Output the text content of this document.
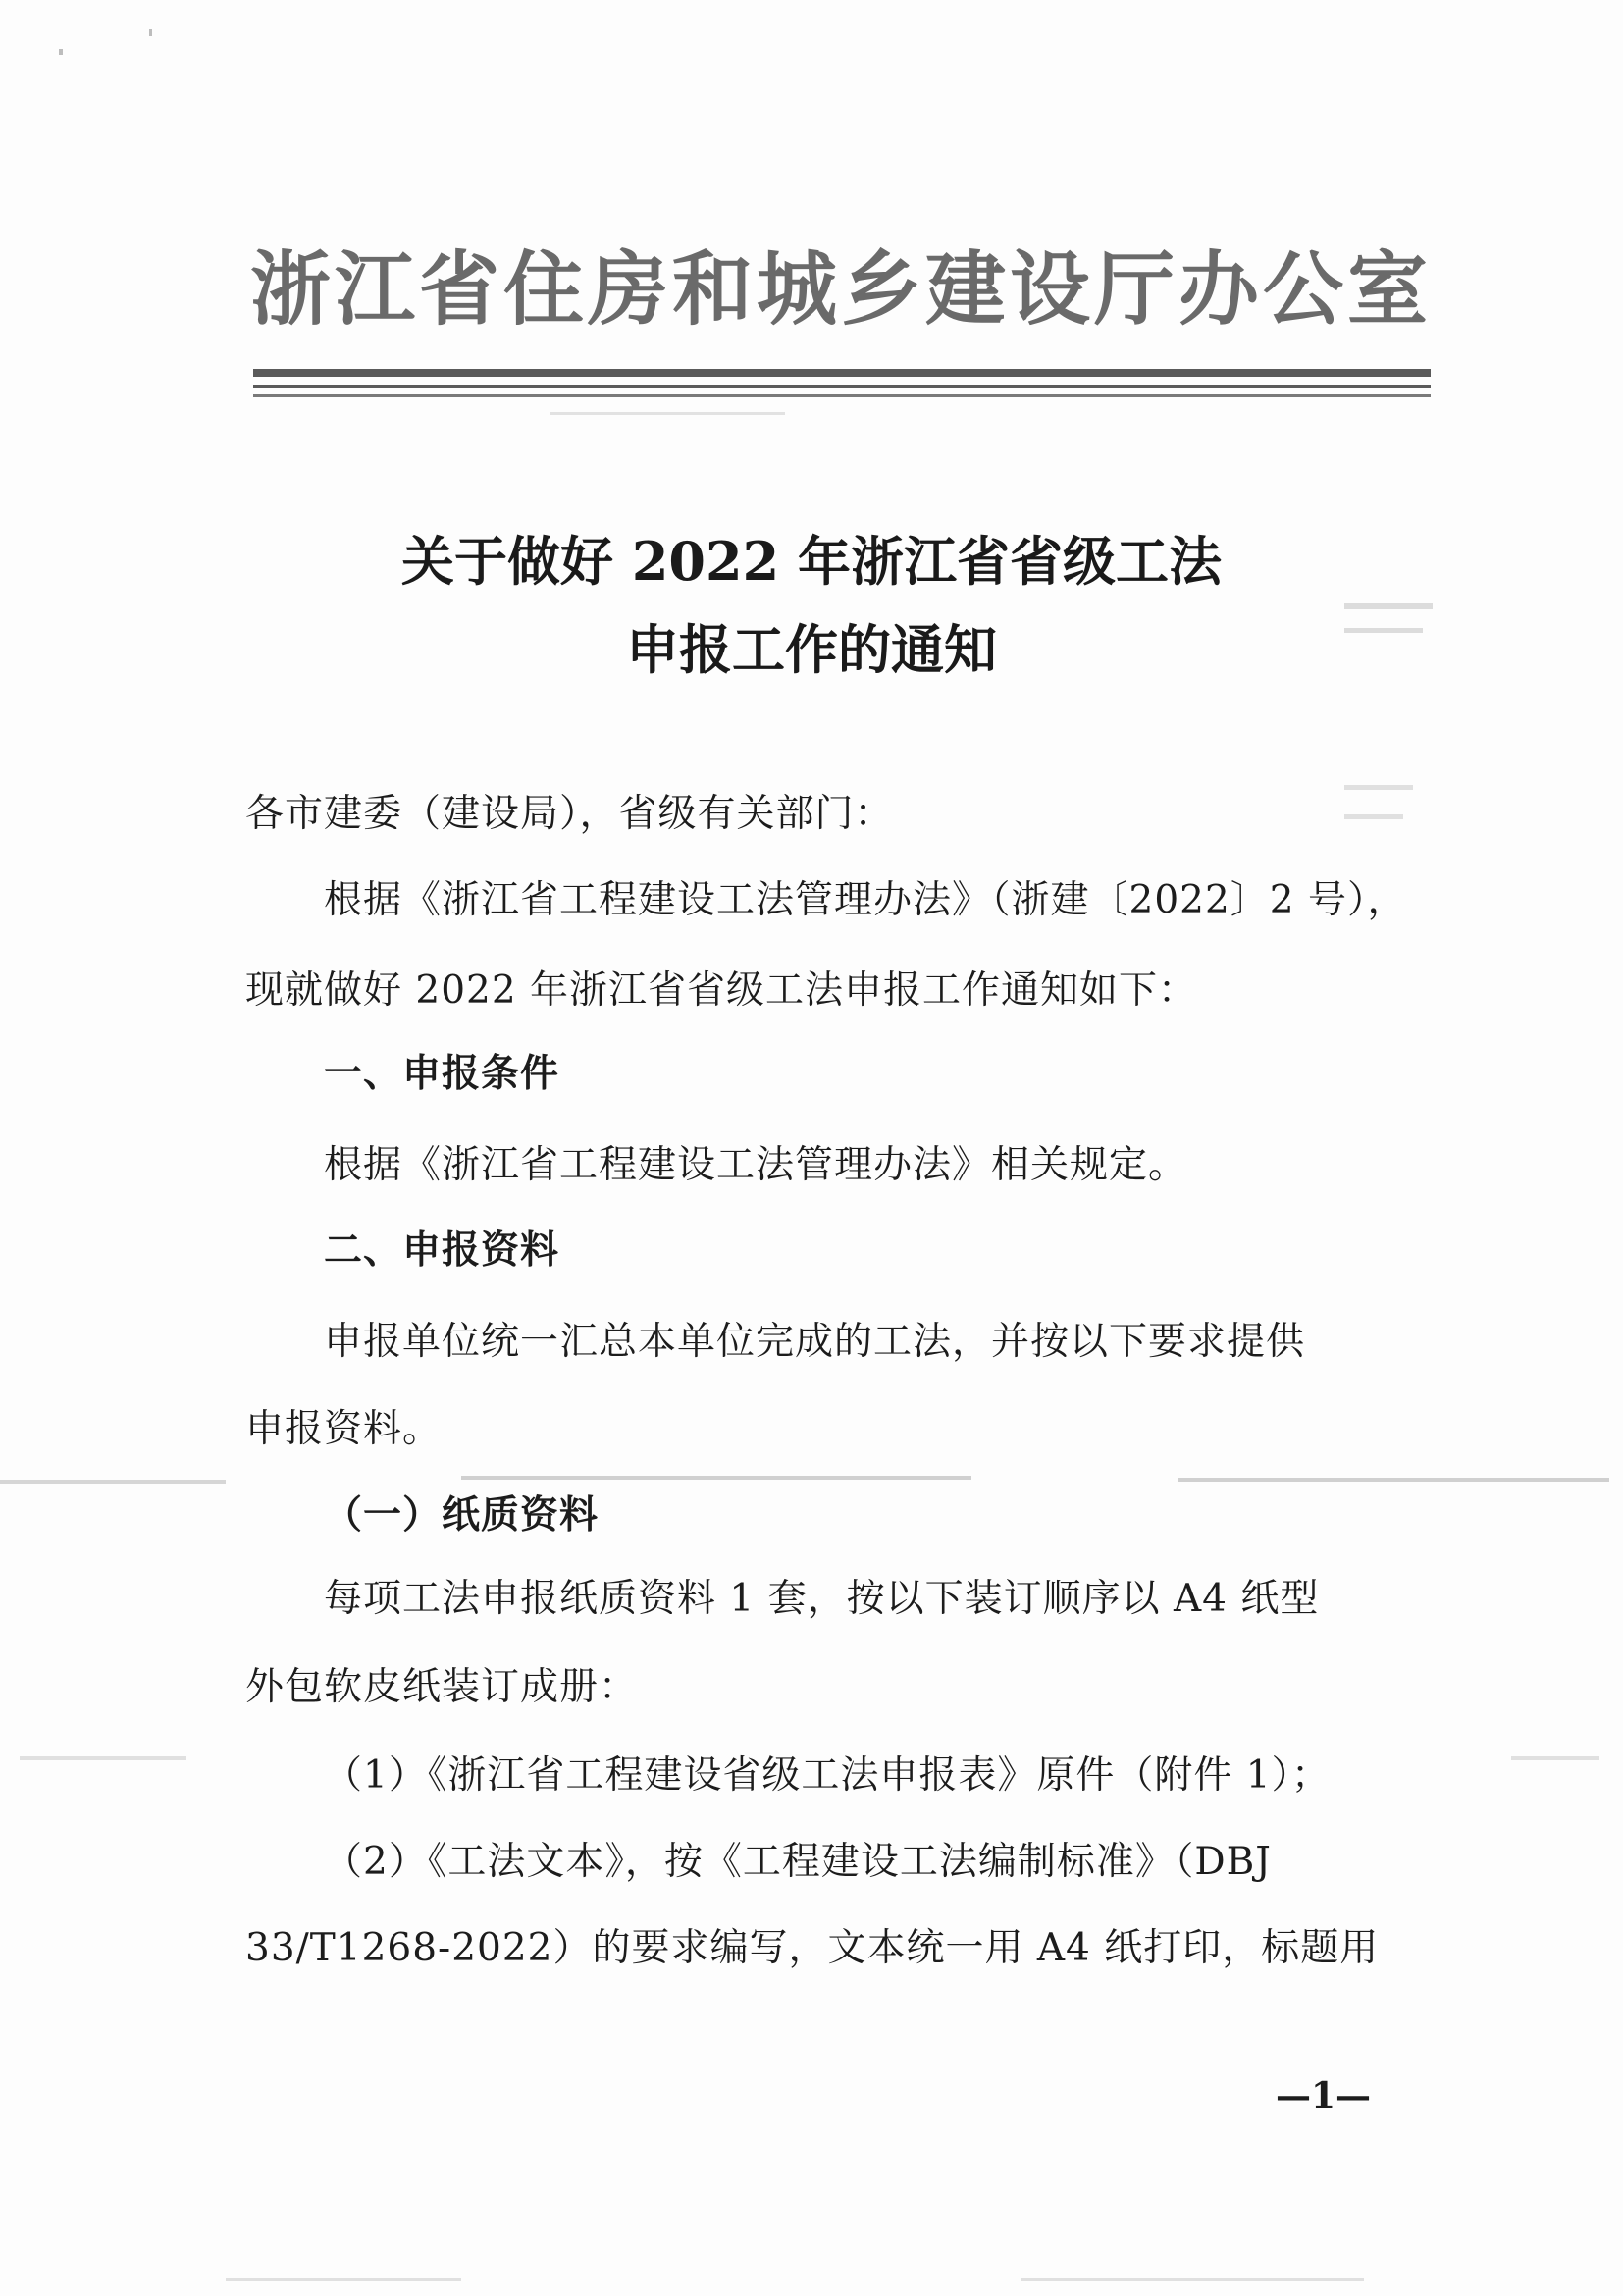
浙江省住房和城乡建设厅办公室
关于做好 2022 年浙江省省级工法
申报工作的通知
各市建委（建设局），省级有关部门：
根据《浙江省工程建设工法管理办法》（浙建〔2022〕2 号），
现就做好 2022 年浙江省省级工法申报工作通知如下：
一、申报条件
根据《浙江省工程建设工法管理办法》相关规定。
二、申报资料
申报单位统一汇总本单位完成的工法，并按以下要求提供
申报资料。
（一）纸质资料
每项工法申报纸质资料 1 套，按以下装订顺序以 A4 纸型
外包软皮纸装订成册：
（1）《浙江省工程建设省级工法申报表》原件（附件 1）；
（2）《工法文本》，按《工程建设工法编制标准》（DBJ
33/T1268-2022）的要求编写，文本统一用 A4 纸打印，标题用
—1—
